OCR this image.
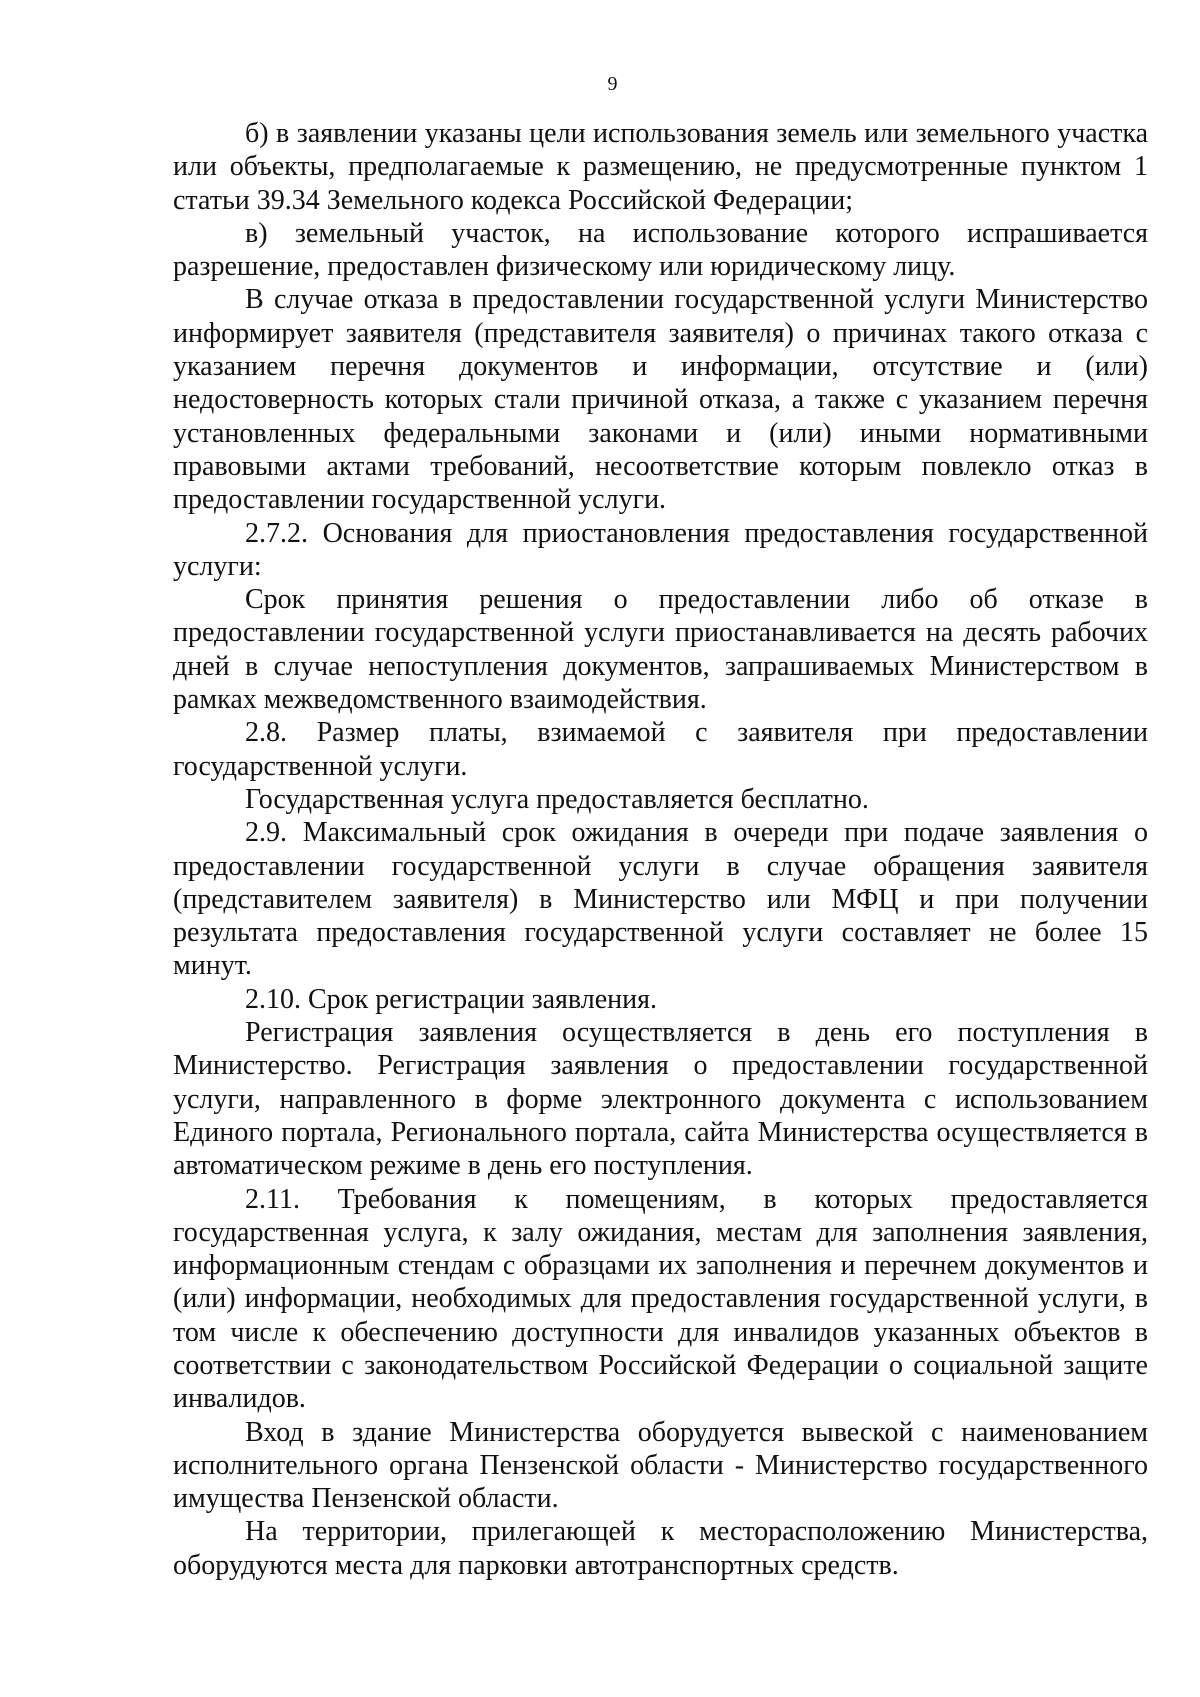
9

б) в заявлении указаны цели использования земель или земельного участка или объекты, предполагаемые к размещению, не предусмотренные пунктом 1 статьи 39.34 Земельного кодекса Российской Федерации;

в) земельный участок, на использование которого испрашивается разрешение, предоставлен физическому или юридическому лицу.

В случае отказа в предоставлении государственной услуги Министерство информирует заявителя (представителя заявителя) о причинах такого отказа с указанием перечня документов и информации, отсутствие и (или) недостоверность которых стали причиной отказа, а также с указанием перечня установленных федеральными законами и (или) иными нормативными правовыми актами требований, несоответствие которым повлекло отказ в предоставлении государственной услуги.

2.7.2. Основания для приостановления предоставления государственной услуги:

Срок принятия решения о предоставлении либо об отказе в предоставлении государственной услуги приостанавливается на десять рабочих дней в случае непоступления документов, запрашиваемых Министерством в рамках межведомственного взаимодействия.

2.8. Размер платы, взимаемой с заявителя при предоставлении государственной услуги.

Государственная услуга предоставляется бесплатно.

2.9. Максимальный срок ожидания в очереди при подаче заявления о предоставлении государственной услуги в случае обращения заявителя (представителем заявителя) в Министерство или МФЦ и при получении результата предоставления государственной услуги составляет не более 15 минут.

2.10. Срок регистрации заявления.

Регистрация заявления осуществляется в день его поступления в Министерство. Регистрация заявления о предоставлении государственной услуги, направленного в форме электронного документа с использованием Единого портала, Регионального портала, сайта Министерства осуществляется в автоматическом режиме в день его поступления.

2.11. Требования к помещениям, в которых предоставляется государственная услуга, к залу ожидания, местам для заполнения заявления, информационным стендам с образцами их заполнения и перечнем документов и (или) информации, необходимых для предоставления государственной услуги, в том числе к обеспечению доступности для инвалидов указанных объектов в соответствии с законодательством Российской Федерации о социальной защите инвалидов.

Вход в здание Министерства оборудуется вывеской с наименованием исполнительного органа Пензенской области - Министерство государственного имущества Пензенской области.

На территории, прилегающей к месторасположению Министерства, оборудуются места для парковки автотранспортных средств.
